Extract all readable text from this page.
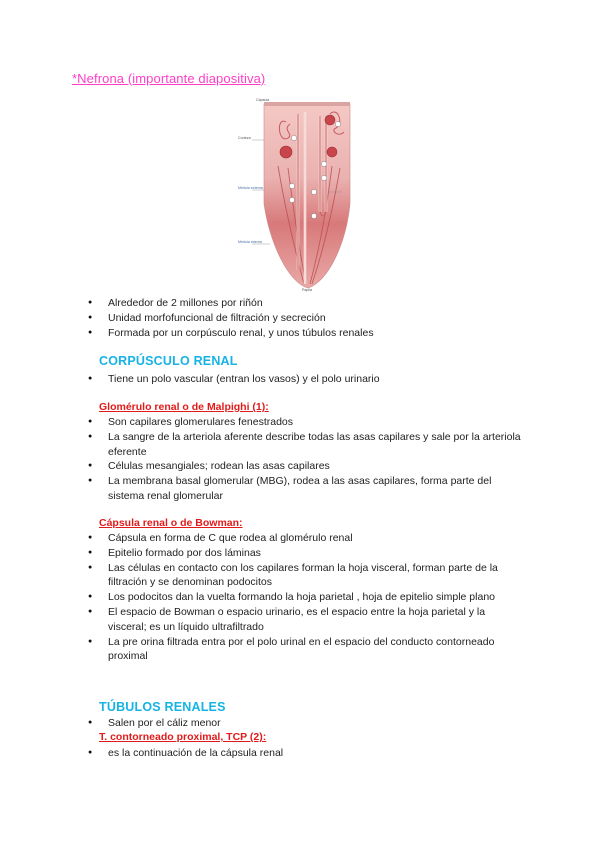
*Nefrona (importante diapositiva)
Cápsula
Corteza
Médula externa
Médula interna
Papila
● Alrededor de 2 millones por riñón
● Unidad morfofuncional de filtración y secreción
● Formada por un corpúsculo renal, y unos túbulos renales
CORPÚSCULO RENAL
● Tiene un polo vascular (entran los vasos) y el polo urinario
Glomérulo renal o de Malpighi (1):
● Son capilares glomerulares fenestrados
● La sangre de la arteriola aferente describe todas las asas capilares y sale por la arteriola eferente
● Células mesangiales; rodean las asas capilares
● La membrana basal glomerular (MBG), rodea a las asas capilares, forma parte del sistema renal glomerular
Cápsula renal o de Bowman:
● Cápsula en forma de C que rodea al glomérulo renal
● Epitelio formado por dos láminas
● Las células en contacto con los capilares forman la hoja visceral, forman parte de la filtración y se denominan podocitos
● Los podocitos dan la vuelta formando la hoja parietal , hoja de epitelio simple plano
● El espacio de Bowman o espacio urinario, es el espacio entre la hoja parietal y la visceral; es un líquido ultrafiltrado
● La pre orina filtrada entra por el polo urinal en el espacio del conducto contorneado proximal
TÚBULOS RENALES
● Salen por el cáliz menor
T. contorneado proximal, TCP (2):
● es la continuación de la cápsula renal
